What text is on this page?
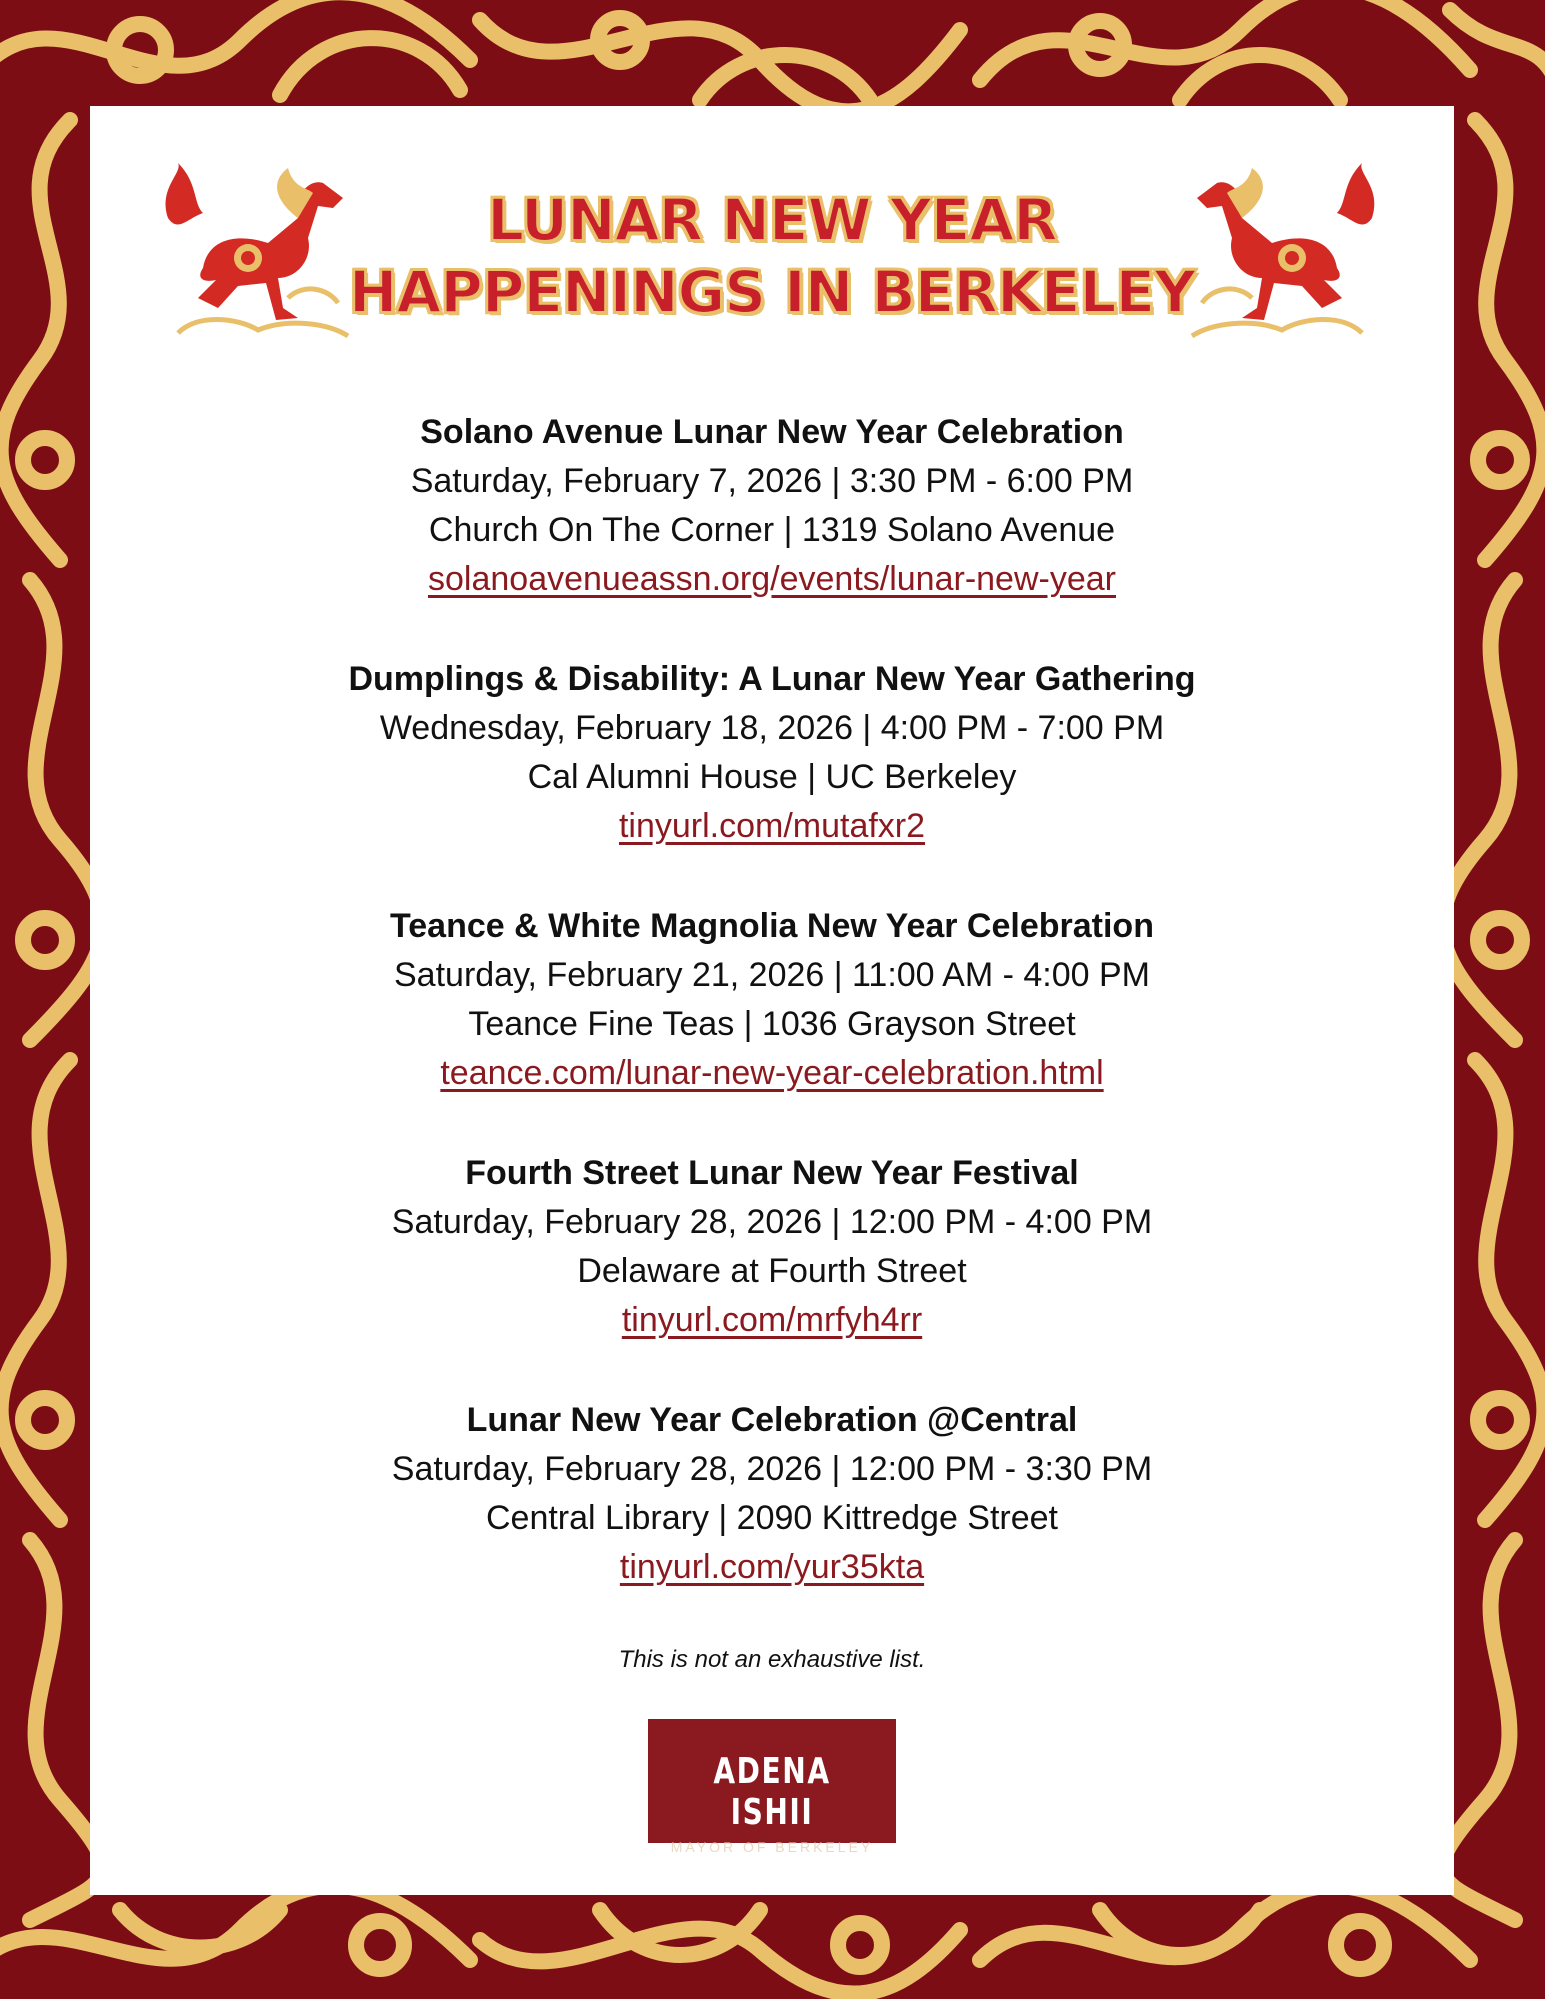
LUNAR NEW YEAR
HAPPENINGS IN BERKELEY
Solano Avenue Lunar New Year Celebration
Saturday, February 7, 2026 | 3:30 PM - 6:00 PM
Church On The Corner | 1319 Solano Avenue
solanoavenueassn.org/events/lunar-new-year
Dumplings & Disability: A Lunar New Year Gathering
Wednesday, February 18, 2026 | 4:00 PM - 7:00 PM
Cal Alumni House | UC Berkeley
tinyurl.com/mutafxr2
Teance & White Magnolia New Year Celebration
Saturday, February 21, 2026 | 11:00 AM - 4:00 PM
Teance Fine Teas | 1036 Grayson Street
teance.com/lunar-new-year-celebration.html
Fourth Street Lunar New Year Festival
Saturday, February 28, 2026 | 12:00 PM - 4:00 PM
Delaware at Fourth Street
tinyurl.com/mrfyh4rr
Lunar New Year Celebration @Central
Saturday, February 28, 2026 | 12:00 PM - 3:30 PM
Central Library | 2090 Kittredge Street
tinyurl.com/yur35kta

This is not an exhaustive list.

ADENA ISHII
MAYOR OF BERKELEY
